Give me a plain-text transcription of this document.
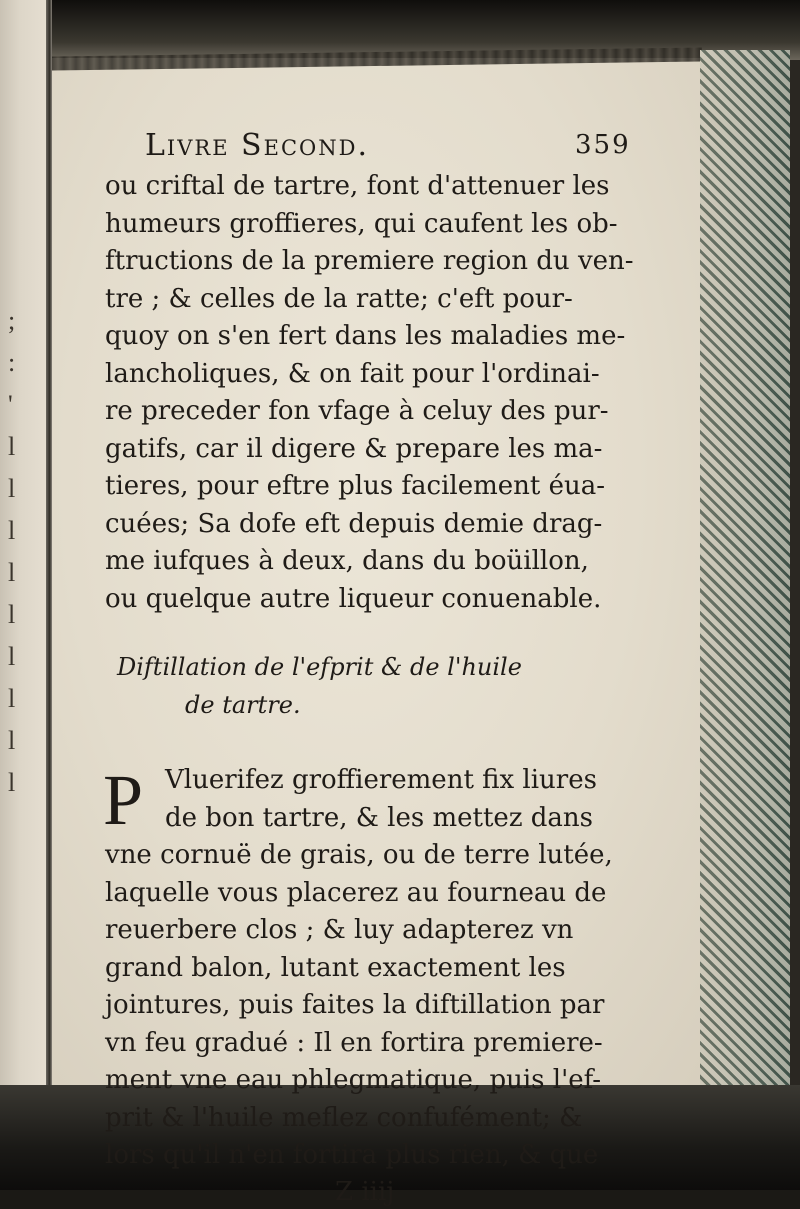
;
:
'
l
l
l
l
l
l
l
l
l
Livre Second.	359
ou criftal de tartre, font d'attenuer les
humeurs groffieres, qui caufent les ob-
ftructions de la premiere region du ven-
tre ; & celles de la ratte; c'eft pour-
quoy on s'en fert dans les maladies me-
lancholiques, & on fait pour l'ordinai-
re preceder fon vfage à celuy des pur-
gatifs, car il digere & prepare les ma-
tieres, pour eftre plus facilement éua-
cuées; Sa dofe eft depuis demie drag-
me iufques à deux, dans du boüillon,
ou quelque autre liqueur conuenable.
Diftillation de l'efprit & de l'huile
de tartre.
P Vluerifez groffierement fix liures
de bon tartre, & les mettez dans
vne cornuë de grais, ou de terre lutée,
laquelle vous placerez au fourneau de
reuerbere clos ; & luy adapterez vn
grand balon, lutant exactement les
jointures, puis faites la diftillation par
vn feu gradué : Il en fortira premiere-
ment vne eau phlegmatique, puis l'ef-
prit & l'huile meflez confufément; &
lors qu'il n'en fortira plus rien, & que
Z iiij
